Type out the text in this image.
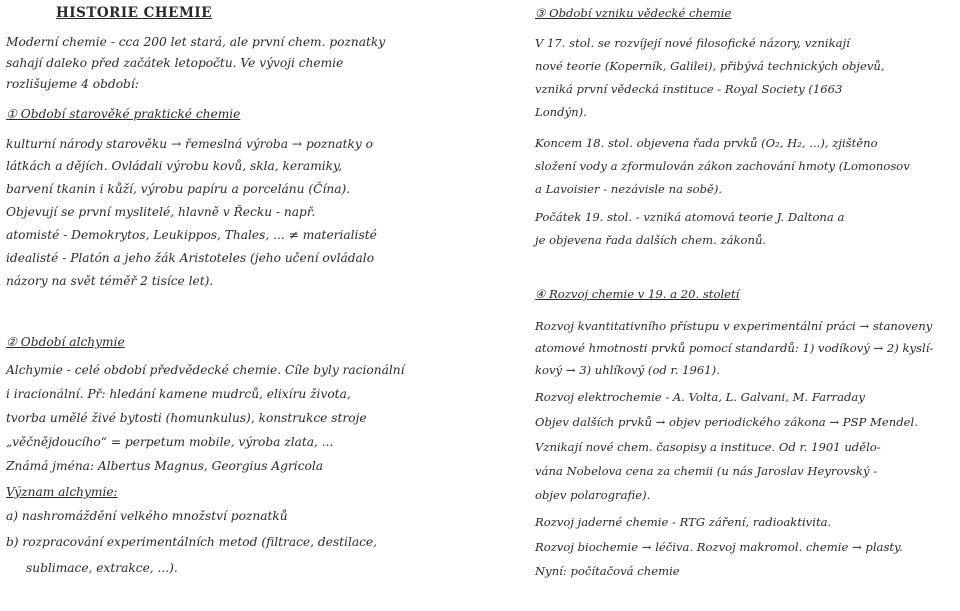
HISTORIE CHEMIE
Moderní chemie - cca 200 let stará, ale první chem. poznatky
sahají daleko před začátek letopočtu. Ve vývoji chemie
rozlišujeme 4 období:
① Období starověké praktické chemie
kulturní národy starověku → řemeslná výroba → poznatky o
látkách a dějích. Ovládali výrobu kovů, skla, keramiky,
barvení tkanin i kůží, výrobu papíru a porcelánu (Čína).
Objevují se první myslitelé, hlavně v Řecku - např.
atomisté - Demokrytos, Leukippos, Thales, ... ≠ materialisté
idealisté - Platón a jeho žák Aristoteles (jeho učení ovládalo
názory na svět téměř 2 tisíce let).
② Období alchymie
Alchymie - celé období předvědecké chemie. Cíle byly racionální
i iracionální. Př: hledání kamene mudrců, elixíru života,
tvorba umělé živé bytosti (homunkulus), konstrukce stroje
„věčnějdoucího“ = perpetum mobile, výroba zlata, ...
Známá jména: Albertus Magnus, Georgius Agricola
Význam alchymie:
a) nashromáždění velkého množství poznatků
b) rozpracování experimentálních metod (filtrace, destilace,
sublimace, extrakce, ...).
③ Období vzniku vědecké chemie
V 17. stol. se rozvíjejí nové filosofické názory, vznikají
nové teorie (Koperník, Galilei), přibývá technických objevů,
vzniká první vědecká instituce - Royal Society (1663
Londýn).
Koncem 18. stol. objevena řada prvků (O₂, H₂, ...), zjištěno
složení vody a zformulován zákon zachování hmoty (Lomonosov
a Lavoisier - nezávisle na sobě).
Počátek 19. stol. - vzniká atomová teorie J. Daltona a
je objevena řada dalších chem. zákonů.
④ Rozvoj chemie v 19. a 20. století
Rozvoj kvantitativního přístupu v experimentální práci → stanoveny
atomové hmotnosti prvků pomocí standardů: 1) vodíkový → 2) kyslí-
kový → 3) uhlíkový (od r. 1961).
Rozvoj elektrochemie - A. Volta, L. Galvani, M. Farraday
Objev dalších prvků → objev periodického zákona → PSP Mendel.
Vznikají nové chem. časopisy a instituce. Od r. 1901 udělo-
vána Nobelova cena za chemii (u nás Jaroslav Heyrovský -
objev polarografie).
Rozvoj jaderné chemie - RTG záření, radioaktivita.
Rozvoj biochemie → léčiva. Rozvoj makromol. chemie → plasty.
Nyní: počítačová chemie
